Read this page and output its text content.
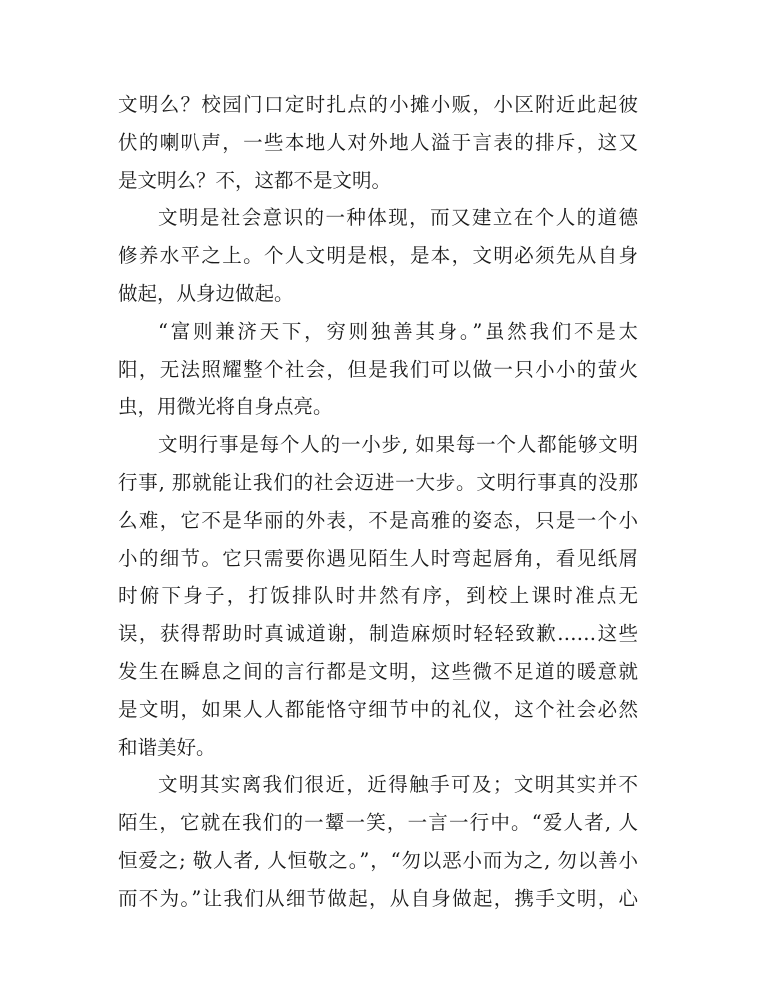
文明么？校园门口定时扎点的小摊小贩，小区附近此起彼
伏的喇叭声，一些本地人对外地人溢于言表的排斥，这又
是文明么？不，这都不是文明。
文明是社会意识的一种体现，而又建立在个人的道德
修养水平之上。个人文明是根，是本，文明必须先从自身
做起，从身边做起。
“富则兼济天下，穷则独善其身。”虽然我们不是太
阳，无法照耀整个社会，但是我们可以做一只小小的萤火
虫，用微光将自身点亮。
文明行事是每个人的一小步, 如果每一个人都能够文明
行事, 那就能让我们的社会迈进一大步。文明行事真的没那
么难，它不是华丽的外表，不是高雅的姿态，只是一个小
小的细节。它只需要你遇见陌生人时弯起唇角，看见纸屑
时俯下身子，打饭排队时井然有序，到校上课时准点无
误，获得帮助时真诚道谢，制造麻烦时轻轻致歉……这些
发生在瞬息之间的言行都是文明，这些微不足道的暖意就
是文明，如果人人都能恪守细节中的礼仪，这个社会必然
和谐美好。
文明其实离我们很近，近得触手可及；文明其实并不
陌生，它就在我们的一颦一笑，一言一行中。“爱人者, 人
恒爱之; 敬人者, 人恒敬之。”，“勿以恶小而为之, 勿以善小
而不为。”让我们从细节做起，从自身做起，携手文明，心
